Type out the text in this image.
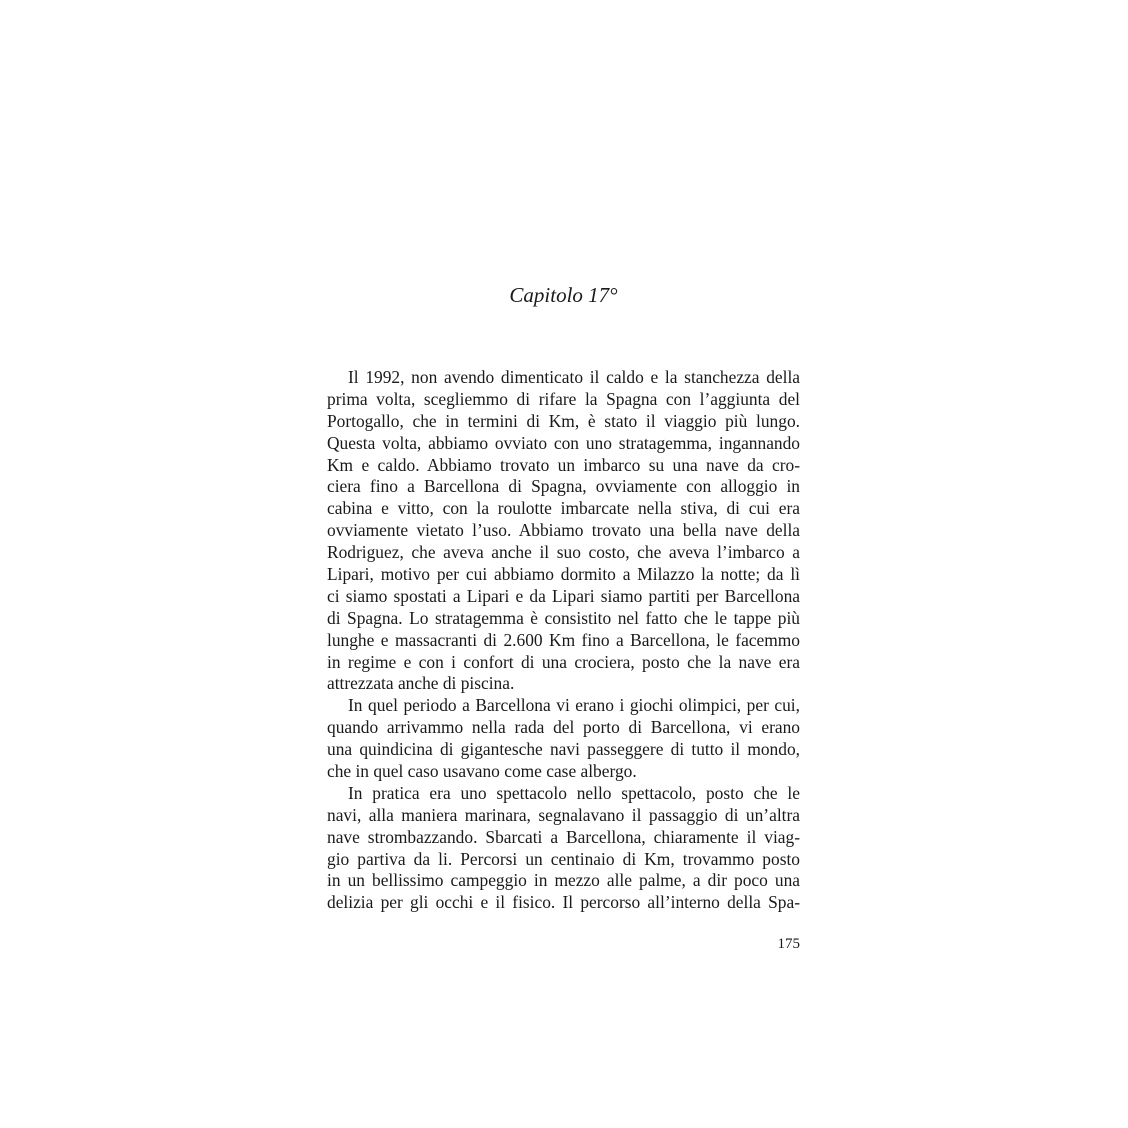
Capitolo 17°
Il 1992, non avendo dimenticato il caldo e la stanchezza della
prima volta, scegliemmo di rifare la Spagna con l’aggiunta del
Portogallo, che in termini di Km, è stato il viaggio più lungo.
Questa volta, abbiamo ovviato con uno stratagemma, ingannando
Km e caldo. Abbiamo trovato un imbarco su una nave da cro-
ciera fino a Barcellona di Spagna, ovviamente con alloggio in
cabina e vitto, con la roulotte imbarcate nella stiva, di cui era
ovviamente vietato l’uso. Abbiamo trovato una bella nave della
Rodriguez, che aveva anche il suo costo, che aveva l’imbarco a
Lipari, motivo per cui abbiamo dormito a Milazzo la notte; da lì
ci siamo spostati a Lipari e da Lipari siamo partiti per Barcellona
di Spagna. Lo stratagemma è consistito nel fatto che le tappe più
lunghe e massacranti di 2.600 Km fino a Barcellona, le facemmo
in regime e con i confort di una crociera, posto che la nave era
attrezzata anche di piscina.
In quel periodo a Barcellona vi erano i giochi olimpici, per cui,
quando arrivammo nella rada del porto di Barcellona, vi erano
una quindicina di gigantesche navi passeggere di tutto il mondo,
che in quel caso usavano come case albergo.
In pratica era uno spettacolo nello spettacolo, posto che le
navi, alla maniera marinara, segnalavano il passaggio di un’altra
nave strombazzando. Sbarcati a Barcellona, chiaramente il viag-
gio partiva da li. Percorsi un centinaio di Km, trovammo posto
in un bellissimo campeggio in mezzo alle palme, a dir poco una
delizia per gli occhi e il fisico. Il percorso all’interno della Spa-
175
